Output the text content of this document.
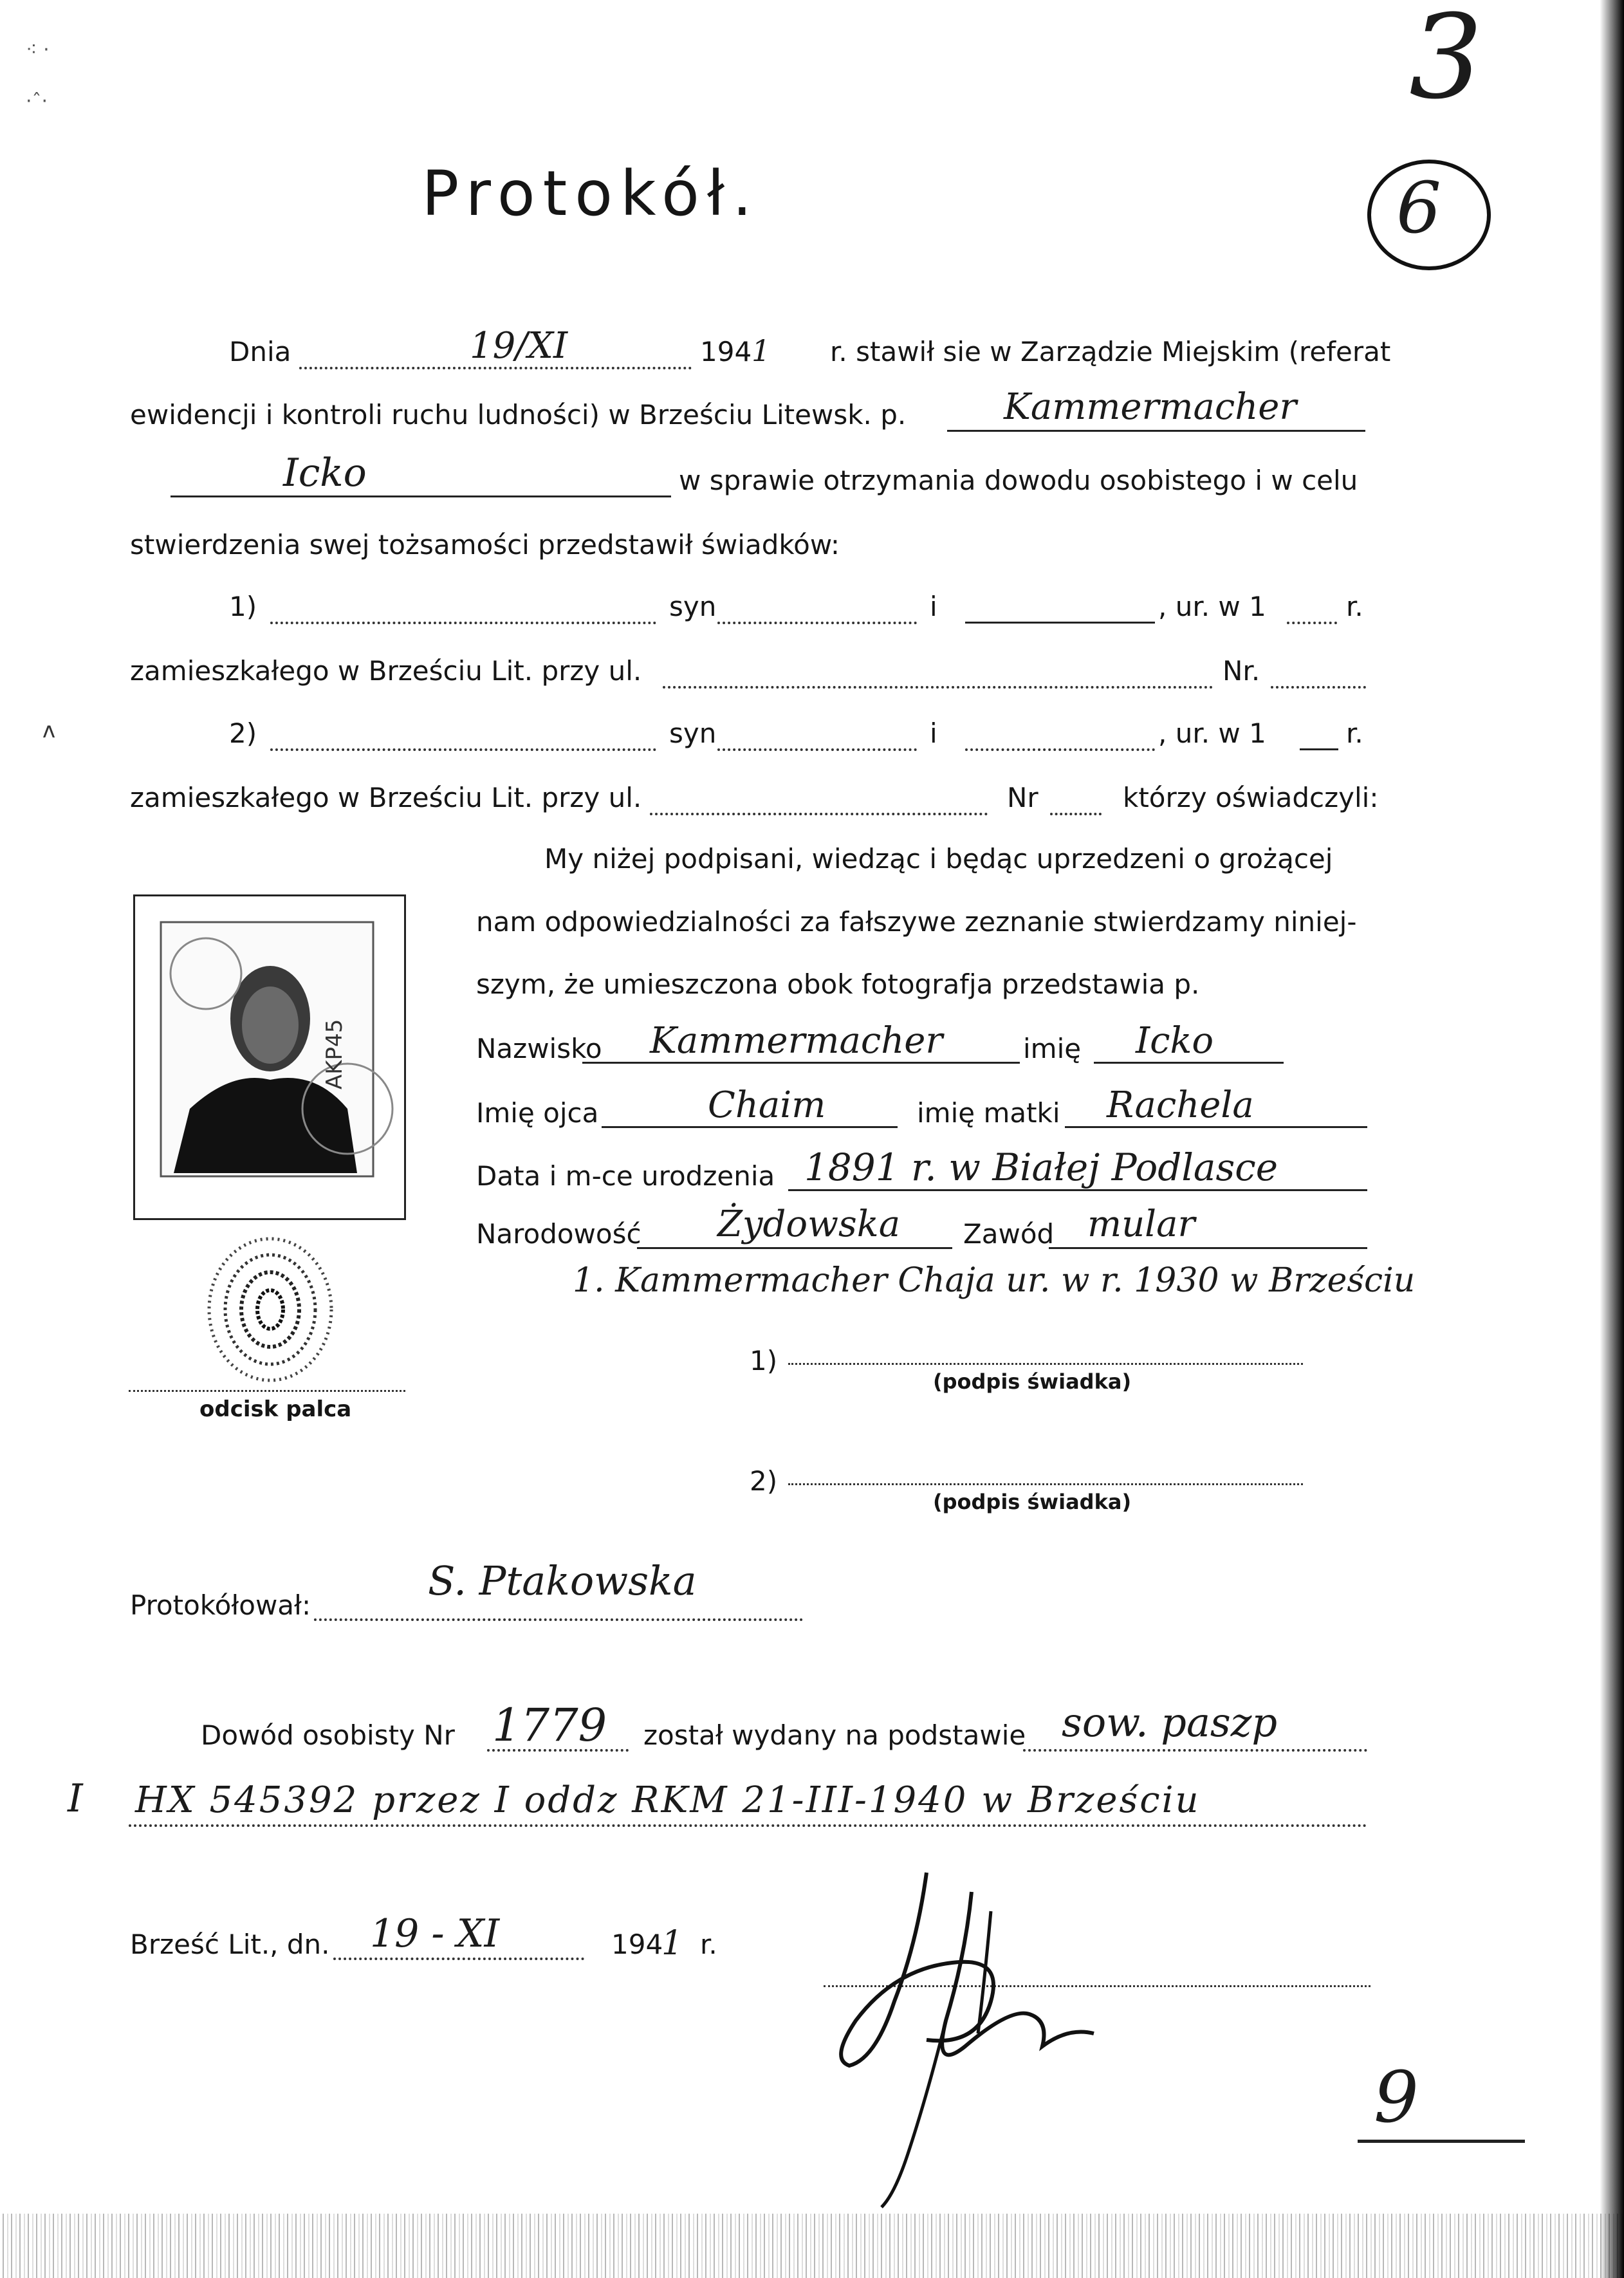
⁖ ·
·ˆ·
ʌ
3
6
Protokół.
Dnia	19/XI	194 1 r. stawił sie w Zarządzie Miejskim (referat
ewidencji i kontroli ruchu ludności) w Brześciu Litewsk. p.	Kammermacher
Icko	w sprawie otrzymania dowodu osobistego i w celu
stwierdzenia swej tożsamości przedstawił świadków:
1)	syn	i	, ur. w 1	r.
zamieszkałego w Brześciu Lit. przy ul.	Nr.
2)	syn	i	, ur. w 1	r.
zamieszkałego w Brześciu Lit. przy ul.	Nr	którzy oświadczyli:
My niżej podpisani, wiedząc i będąc uprzedzeni o grożącej
nam odpowiedzialności za fałszywe zeznanie stwierdzamy niniej-
szym, że umieszczona obok fotografja przedstawia p.
AKP45
odcisk palca
Nazwisko Kammermacher	imię Icko
Imię ojca	Chaim	imię matki Rachela
Data i m-ce urodzenia 1891 r. w Białej Podlasce
Narodowość Żydowska Zawód mular
1. Kammermacher Chaja ur. w r. 1930 w Brześciu
1)
(podpis świadka)
2)
(podpis świadka)
Protokółował:
S. Ptakowska
Dowód osobisty Nr 1779 został wydany na podstawie sow. paszp
I HX 545392 przez I oddz RKM 21-III-1940 w Brześciu
Brześć Lit., dn. 19 - XI	194
1 r.
9
